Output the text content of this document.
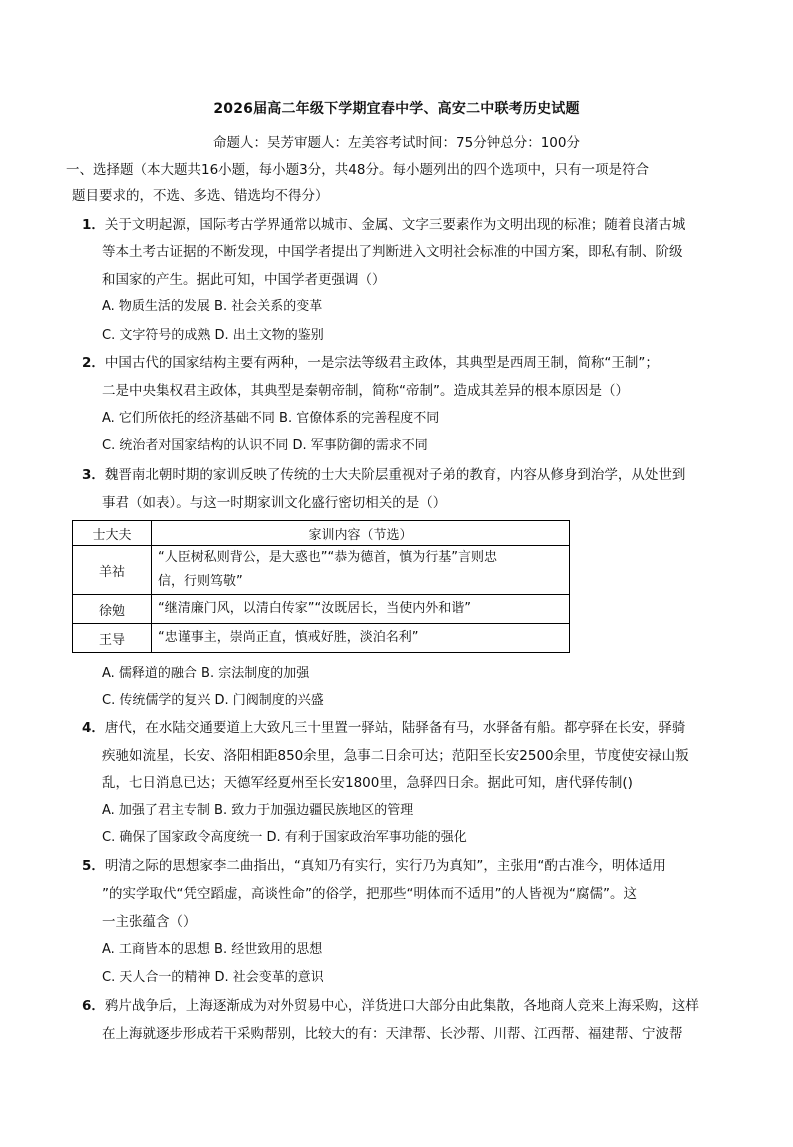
2026届高二年级下学期宜春中学、高安二中联考历史试题
命题人：吴芳审题人：左美容考试时间：75分钟总分：100分
一、选择题（本大题共16小题，每小题3分，共48分。每小题列出的四个选项中，只有一项是符合
题目要求的，不选、多选、错选均不得分）
1．关于文明起源，国际考古学界通常以城市、金属、文字三要素作为文明出现的标准；随着良渚古城
等本土考古证据的不断发现，中国学者提出了判断进入文明社会标准的中国方案，即私有制、阶级
和国家的产生。据此可知，中国学者更强调（）
A. 物质生活的发展 B. 社会关系的变革
C. 文字符号的成熟 D. 出土文物的鉴别
2．中国古代的国家结构主要有两种，一是宗法等级君主政体，其典型是西周王制，简称“王制”；
二是中央集权君主政体，其典型是秦朝帝制，简称“帝制”。造成其差异的根本原因是（）
A. 它们所依托的经济基础不同 B. 官僚体系的完善程度不同
C. 统治者对国家结构的认识不同 D. 军事防御的需求不同
3．魏晋南北朝时期的家训反映了传统的士大夫阶层重视对子弟的教育，内容从修身到治学，从处世到
事君（如表）。与这一时期家训文化盛行密切相关的是（）
士大夫	家训内容（节选）
羊祜	“人臣树私则背公，是大惑也”“恭为德首，慎为行基”言则忠
信，行则笃敬”

徐勉	“继清廉门风，以清白传家”“汝既居长，当使内外和谐”
王导	“忠谨事主，崇尚正直，慎戒好胜，淡泊名利”
A. 儒释道的融合 B. 宗法制度的加强
C. 传统儒学的复兴 D. 门阀制度的兴盛
4．唐代，在水陆交通要道上大致凡三十里置一驿站，陆驿备有马，水驿备有船。都亭驿在长安，驿骑
疾驰如流星，长安、洛阳相距850余里，急事二日余可达；范阳至长安2500余里，节度使安禄山叛
乱，七日消息已达；天德军经夏州至长安1800里，急驿四日余。据此可知，唐代驿传制()
A. 加强了君主专制 B. 致力于加强边疆民族地区的管理
C. 确保了国家政令高度统一 D. 有利于国家政治军事功能的强化
5．明清之际的思想家李二曲指出，“真知乃有实行，实行乃为真知”，主张用“酌古准今，明体适用
”的实学取代“凭空蹈虚，高谈性命”的俗学，把那些“明体而不适用”的人皆视为“腐儒”。这
一主张蕴含（）
A. 工商皆本的思想 B. 经世致用的思想
C. 天人合一的精神 D. 社会变革的意识
6．鸦片战争后，上海逐渐成为对外贸易中心，洋货进口大部分由此集散，各地商人竞来上海采购，这样
在上海就逐步形成若干采购帮别，比较大的有：天津帮、长沙帮、川帮、江西帮、福建帮、宁波帮
